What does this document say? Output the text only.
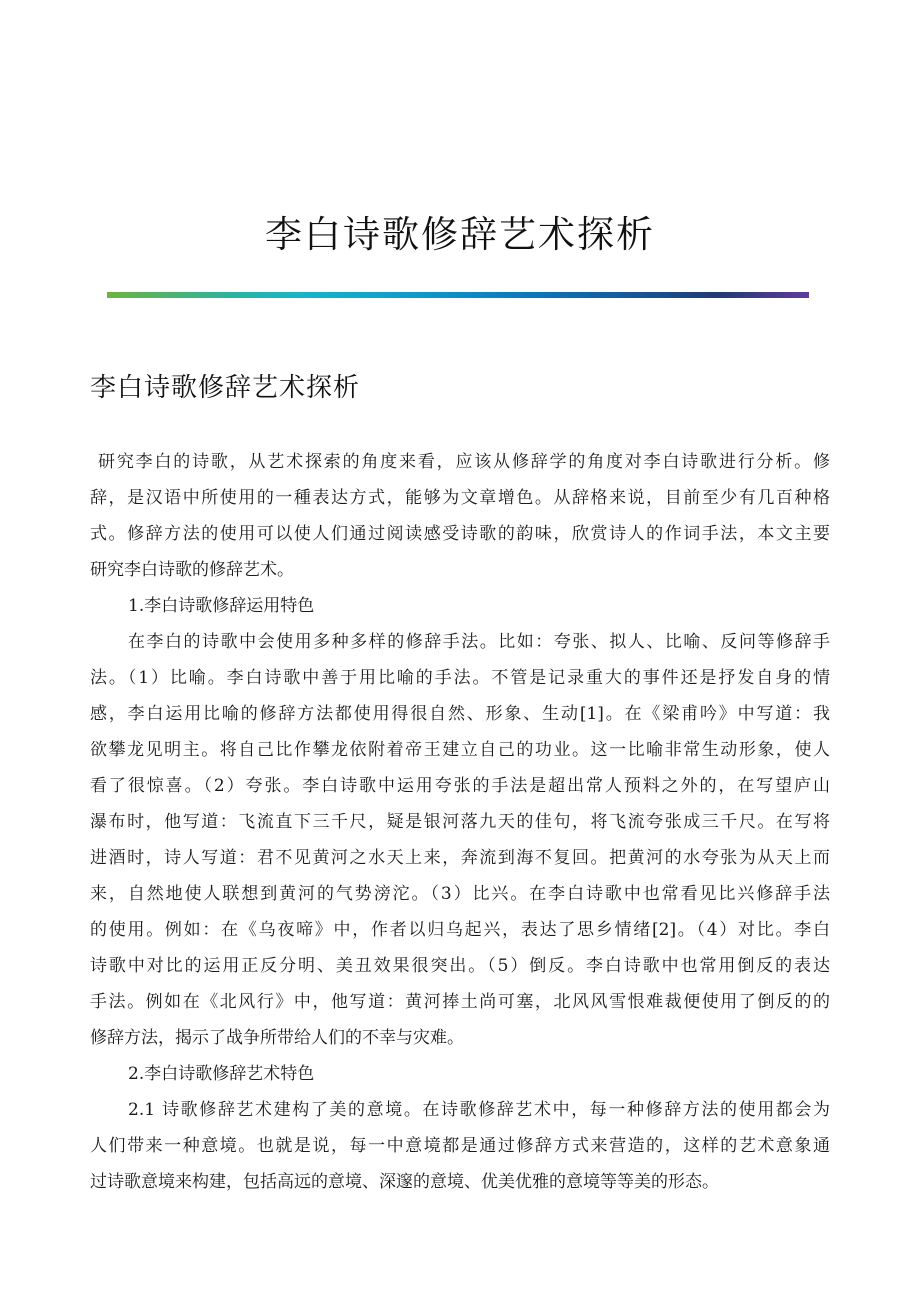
李白诗歌修辞艺术探析
李白诗歌修辞艺术探析
研究李白的诗歌，从艺术探索的角度来看，应该从修辞学的角度对李白诗歌进行分析。修
辞，是汉语中所使用的一種表达方式，能够为文章增色。从辞格来说，目前至少有几百种格
式。修辞方法的使用可以使人们通过阅读感受诗歌的韵味，欣赏诗人的作词手法，本文主要
研究李白诗歌的修辞艺术。
1.李白诗歌修辞运用特色
在李白的诗歌中会使用多种多样的修辞手法。比如：夸张、拟人、比喻、反问等修辞手
法。（1）比喻。李白诗歌中善于用比喻的手法。不管是记录重大的事件还是抒发自身的情
感，李白运用比喻的修辞方法都使用得很自然、形象、生动[1]。在《梁甫吟》中写道：我
欲攀龙见明主。将自己比作攀龙依附着帝王建立自己的功业。这一比喻非常生动形象，使人
看了很惊喜。（2）夸张。李白诗歌中运用夸张的手法是超出常人预料之外的，在写望庐山
瀑布时，他写道：飞流直下三千尺，疑是银河落九天的佳句，将飞流夸张成三千尺。在写将
进酒时，诗人写道：君不见黄河之水天上来，奔流到海不复回。把黄河的水夸张为从天上而
来，自然地使人联想到黄河的气势滂沱。（3）比兴。在李白诗歌中也常看见比兴修辞手法
的使用。例如：在《乌夜啼》中，作者以归乌起兴，表达了思乡情绪[2]。（4）对比。李白
诗歌中对比的运用正反分明、美丑效果很突出。（5）倒反。李白诗歌中也常用倒反的表达
手法。例如在《北风行》中，他写道：黄河捧土尚可塞，北风风雪恨难裁便使用了倒反的的
修辞方法，揭示了战争所带给人们的不幸与灾难。
2.李白诗歌修辞艺术特色
2.1 诗歌修辞艺术建构了美的意境。在诗歌修辞艺术中，每一种修辞方法的使用都会为
人们带来一种意境。也就是说，每一中意境都是通过修辞方式来营造的，这样的艺术意象通
过诗歌意境来构建，包括高远的意境、深邃的意境、优美优雅的意境等等美的形态。
